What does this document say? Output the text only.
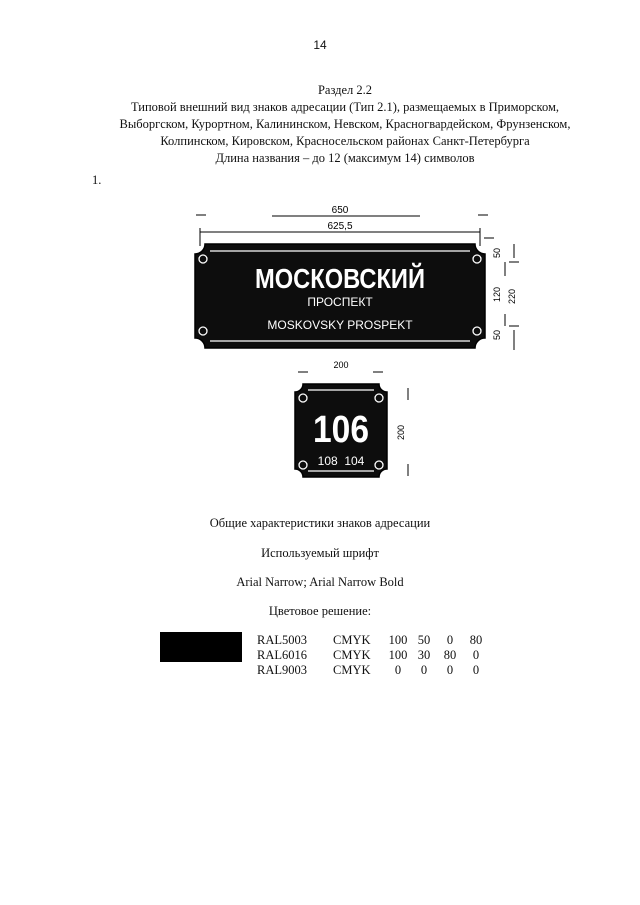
14
Раздел 2.2
Типовой внешний вид знаков адресации (Тип 2.1), размещаемых в Приморском,
Выборгском, Курортном, Калининском, Невском, Красногвардейском, Фрунзенском,
Колпинском, Кировском, Красносельском районах Санкт-Петербурга
Длина названия – до 12 (максимум 14) символов
1.
650
625,5
50
120 220
50
МОСКОВСКИЙ
ПРОСПЕКТ
MOSKOVSKY PROSPEKT
200
200
106
108  104
Общие характеристики знаков адресации
Используемый шрифт
Arial Narrow; Arial Narrow Bold
Цветовое решение:
RAL5003	CMYK	100	50	0	80
RAL6016	CMYK	100	30	80	0
RAL9003	CMYK	0	0	0	0
